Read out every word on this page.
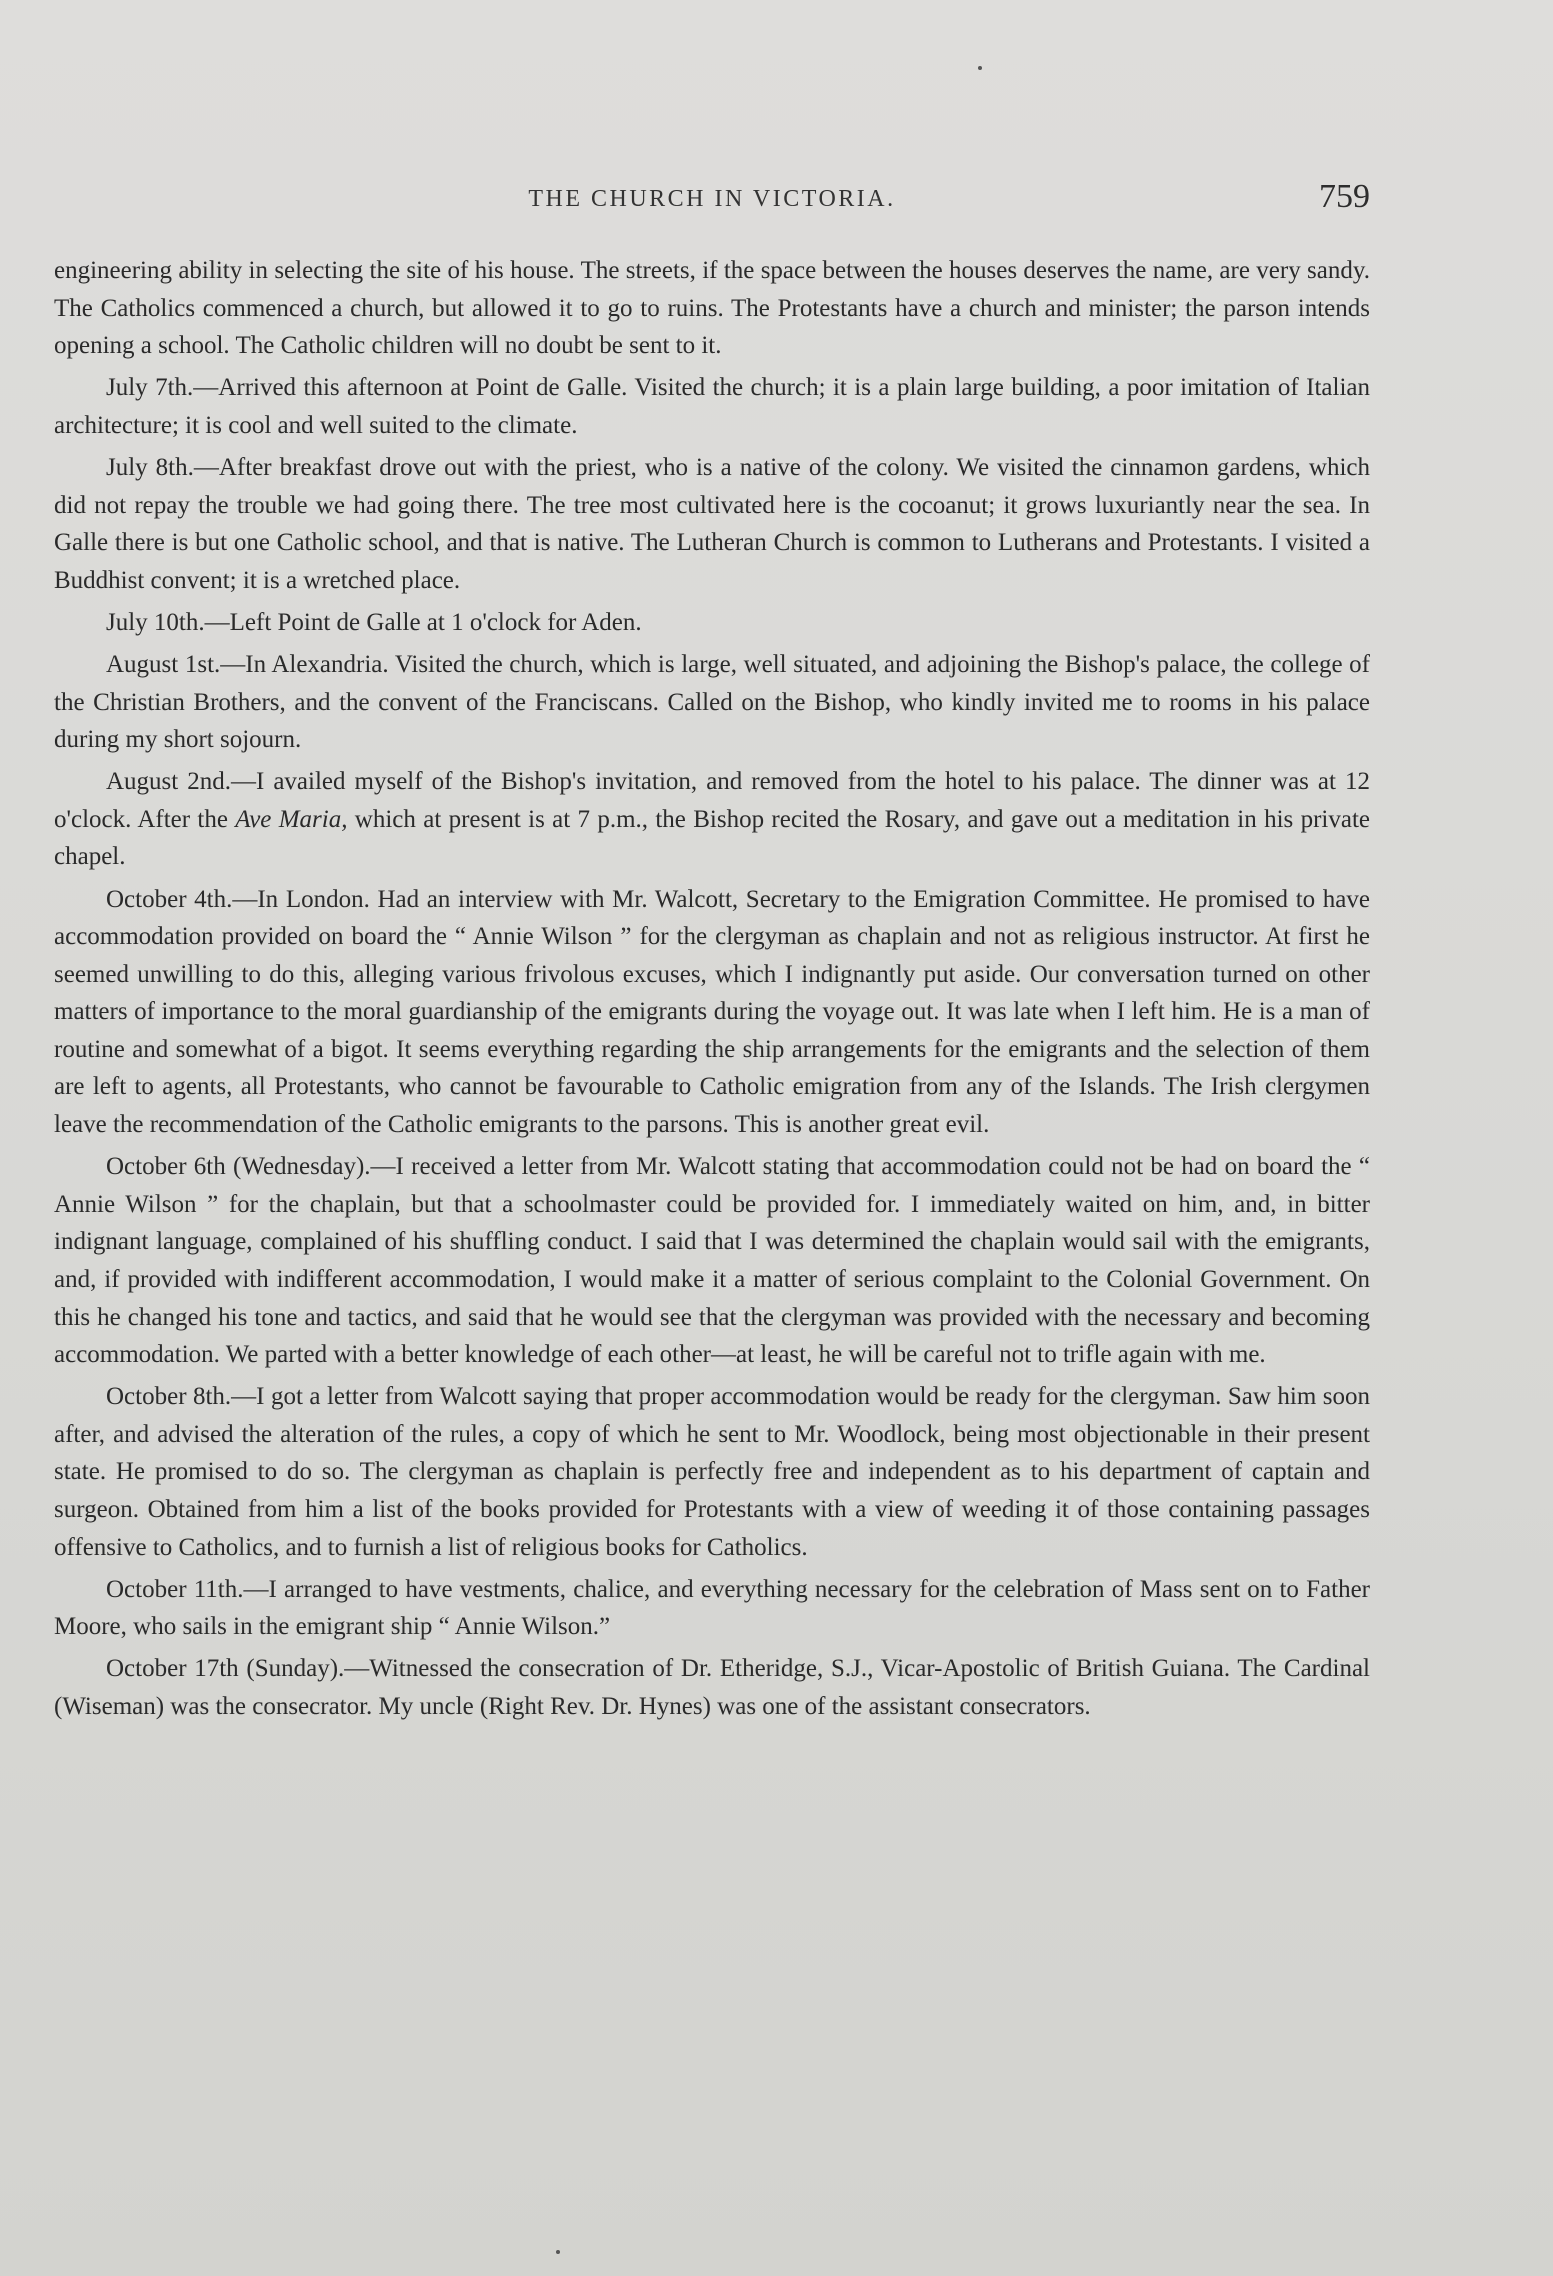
THE CHURCH IN VICTORIA.	759

engineering ability in selecting the site of his house. The streets, if the space between the houses deserves the name, are very sandy. The Catholics commenced a church, but allowed it to go to ruins. The Protestants have a church and minister; the parson intends opening a school. The Catholic children will no doubt be sent to it.

July 7th.—Arrived this afternoon at Point de Galle. Visited the church; it is a plain large building, a poor imitation of Italian architecture; it is cool and well suited to the climate.

July 8th.—After breakfast drove out with the priest, who is a native of the colony. We visited the cinnamon gardens, which did not repay the trouble we had going there. The tree most cultivated here is the cocoanut; it grows luxuriantly near the sea. In Galle there is but one Catholic school, and that is native. The Lutheran Church is common to Lutherans and Protestants. I visited a Buddhist convent; it is a wretched place.

July 10th.—Left Point de Galle at 1 o'clock for Aden.

August 1st.—In Alexandria. Visited the church, which is large, well situated, and adjoining the Bishop's palace, the college of the Christian Brothers, and the convent of the Franciscans. Called on the Bishop, who kindly invited me to rooms in his palace during my short sojourn.

August 2nd.—I availed myself of the Bishop's invitation, and removed from the hotel to his palace. The dinner was at 12 o'clock. After the Ave Maria, which at present is at 7 p.m., the Bishop recited the Rosary, and gave out a meditation in his private chapel.

October 4th.—In London. Had an interview with Mr. Walcott, Secretary to the Emigration Committee. He promised to have accommodation provided on board the “ Annie Wilson ” for the clergyman as chaplain and not as religious instructor. At first he seemed unwilling to do this, alleging various frivolous excuses, which I indignantly put aside. Our conversation turned on other matters of importance to the moral guardianship of the emigrants during the voyage out. It was late when I left him. He is a man of routine and somewhat of a bigot. It seems everything regarding the ship arrangements for the emigrants and the selection of them are left to agents, all Protestants, who cannot be favourable to Catholic emigration from any of the Islands. The Irish clergymen leave the recommendation of the Catholic emigrants to the parsons. This is another great evil.

October 6th (Wednesday).—I received a letter from Mr. Walcott stating that accommodation could not be had on board the “ Annie Wilson ” for the chaplain, but that a schoolmaster could be provided for. I immediately waited on him, and, in bitter indignant language, complained of his shuffling conduct. I said that I was determined the chaplain would sail with the emigrants, and, if provided with indifferent accommodation, I would make it a matter of serious complaint to the Colonial Government. On this he changed his tone and tactics, and said that he would see that the clergyman was provided with the necessary and becoming accommodation. We parted with a better knowledge of each other—at least, he will be careful not to trifle again with me.

October 8th.—I got a letter from Walcott saying that proper accommodation would be ready for the clergyman. Saw him soon after, and advised the alteration of the rules, a copy of which he sent to Mr. Woodlock, being most objectionable in their present state. He promised to do so. The clergyman as chaplain is perfectly free and independent as to his department of captain and surgeon. Obtained from him a list of the books provided for Protestants with a view of weeding it of those containing passages offensive to Catholics, and to furnish a list of religious books for Catholics.

October 11th.—I arranged to have vestments, chalice, and everything necessary for the celebration of Mass sent on to Father Moore, who sails in the emigrant ship “ Annie Wilson.”

October 17th (Sunday).—Witnessed the consecration of Dr. Etheridge, S.J., Vicar-Apostolic of British Guiana. The Cardinal (Wiseman) was the consecrator. My uncle (Right Rev. Dr. Hynes) was one of the assistant consecrators.
